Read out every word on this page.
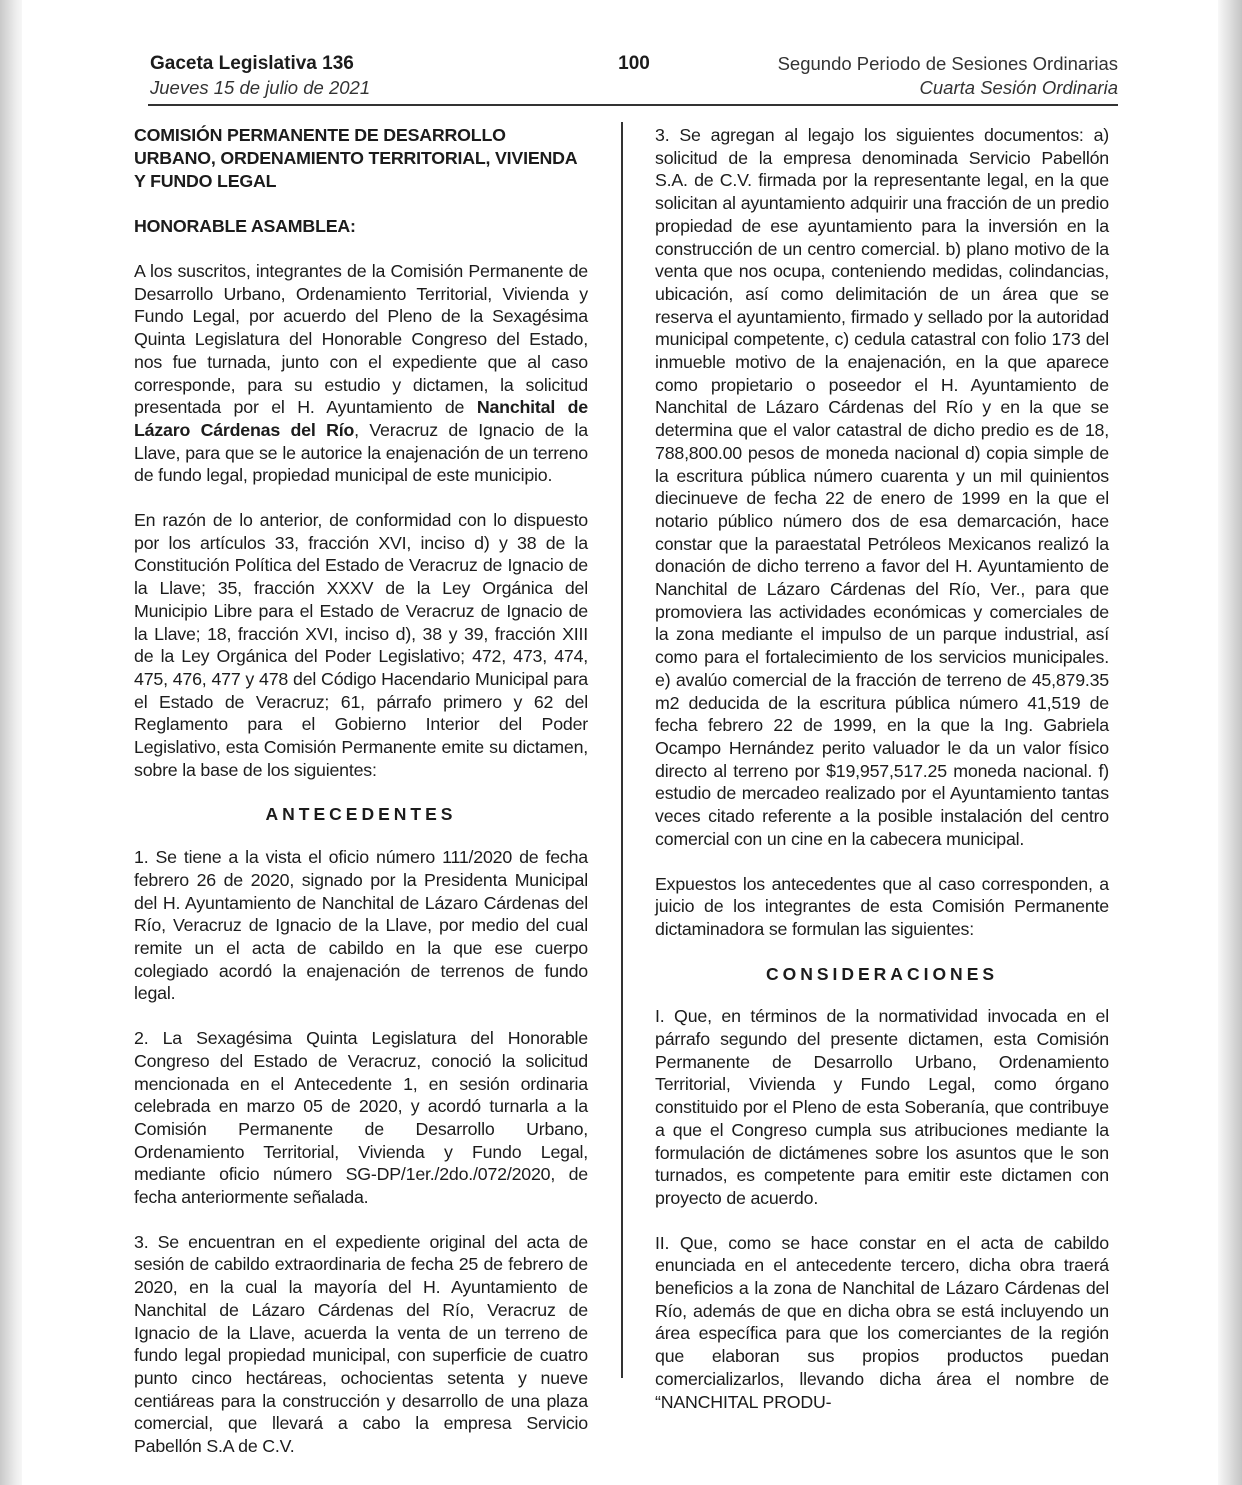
Gaceta Legislativa 136
Jueves 15 de julio de 2021
100	Segundo Periodo de Sesiones Ordinarias
Cuarta Sesión Ordinaria
COMISIÓN PERMANENTE DE DESARROLLO URBANO, ORDENAMIENTO TERRITORIAL, VIVIENDA Y FUNDO LEGAL
HONORABLE ASAMBLEA:

A los suscritos, integrantes de la Comisión Permanente de Desarrollo Urbano, Ordenamiento Territorial, Vivienda y Fundo Legal, por acuerdo del Pleno de la Sexagésima Quinta Legislatura del Honorable Congreso del Estado, nos fue turnada, junto con el expediente que al caso corresponde, para su estudio y dictamen, la solicitud presentada por el H. Ayuntamiento de Nanchital de Lázaro Cárdenas del Río, Veracruz de Ignacio de la Llave, para que se le autorice la enajenación de un terreno de fundo legal, propiedad municipal de este municipio.

En razón de lo anterior, de conformidad con lo dispuesto por los artículos 33, fracción XVI, inciso d) y 38 de la Constitución Política del Estado de Veracruz de Ignacio de la Llave; 35, fracción XXXV de la Ley Orgánica del Municipio Libre para el Estado de Veracruz de Ignacio de la Llave; 18, fracción XVI, inciso d), 38 y 39, fracción XIII de la Ley Orgánica del Poder Legislativo; 472, 473, 474, 475, 476, 477 y 478 del Código Hacendario Municipal para el Estado de Veracruz; 61, párrafo primero y 62 del Reglamento para el Gobierno Interior del Poder Legislativo, esta Comisión Permanente emite su dictamen, sobre la base de los siguientes:

ANTECEDENTES

1. Se tiene a la vista el oficio número 111/2020 de fecha febrero 26 de 2020, signado por la Presidenta Municipal del H. Ayuntamiento de Nanchital de Lázaro Cárdenas del Río, Veracruz de Ignacio de la Llave, por medio del cual remite un el acta de cabildo en la que ese cuerpo colegiado acordó la enajenación de terrenos de fundo legal.

2. La Sexagésima Quinta Legislatura del Honorable Congreso del Estado de Veracruz, conoció la solicitud mencionada en el Antecedente 1, en sesión ordinaria celebrada en marzo 05 de 2020, y acordó turnarla a la Comisión Permanente de Desarrollo Urbano, Ordenamiento Territorial, Vivienda y Fundo Legal, mediante oficio número SG-DP/1er./2do./072/2020, de fecha anteriormente señalada.

3. Se encuentran en el expediente original del acta de sesión de cabildo extraordinaria de fecha 25 de febrero de 2020, en la cual la mayoría del H. Ayuntamiento de Nanchital de Lázaro Cárdenas del Río, Veracruz de Ignacio de la Llave, acuerda la venta de un terreno de fundo legal propiedad municipal, con superficie de cuatro punto cinco hectáreas, ochocientas setenta y nueve centiáreas para la construcción y desarrollo de una plaza comercial, que llevará a cabo la empresa Servicio Pabellón S.A de C.V.

3. Se agregan al legajo los siguientes documentos: a) solicitud de la empresa denominada Servicio Pabellón S.A. de C.V. firmada por la representante legal, en la que solicitan al ayuntamiento adquirir una fracción de un predio propiedad de ese ayuntamiento para la inversión en la construcción de un centro comercial. b) plano motivo de la venta que nos ocupa, conteniendo medidas, colindancias, ubicación, así como delimitación de un área que se reserva el ayuntamiento, firmado y sellado por la autoridad municipal competente, c) cedula catastral con folio 173 del inmueble motivo de la enajenación, en la que aparece como propietario o poseedor el H. Ayuntamiento de Nanchital de Lázaro Cárdenas del Río y en la que se determina que el valor catastral de dicho predio es de 18, 788,800.00 pesos de moneda nacional d) copia simple de la escritura pública número cuarenta y un mil quinientos diecinueve de fecha 22 de enero de 1999 en la que el notario público número dos de esa demarcación, hace constar que la paraestatal Petróleos Mexicanos realizó la donación de dicho terreno a favor del H. Ayuntamiento de Nanchital de Lázaro Cárdenas del Río, Ver., para que promoviera las actividades económicas y comerciales de la zona mediante el impulso de un parque industrial, así como para el fortalecimiento de los servicios municipales. e) avalúo comercial de la fracción de terreno de 45,879.35 m2 deducida de la escritura pública número 41,519 de fecha febrero 22 de 1999, en la que la Ing. Gabriela Ocampo Hernández perito valuador le da un valor físico directo al terreno por $19,957,517.25 moneda nacional. f) estudio de mercadeo realizado por el Ayuntamiento tantas veces citado referente a la posible instalación del centro comercial con un cine en la cabecera municipal.

Expuestos los antecedentes que al caso corresponden, a juicio de los integrantes de esta Comisión Permanente dictaminadora se formulan las siguientes:

CONSIDERACIONES

I. Que, en términos de la normatividad invocada en el párrafo segundo del presente dictamen, esta Comisión Permanente de Desarrollo Urbano, Ordenamiento Territorial, Vivienda y Fundo Legal, como órgano constituido por el Pleno de esta Soberanía, que contribuye a que el Congreso cumpla sus atribuciones mediante la formulación de dictámenes sobre los asuntos que le son turnados, es competente para emitir este dictamen con proyecto de acuerdo.

II. Que, como se hace constar en el acta de cabildo enunciada en el antecedente tercero, dicha obra traerá beneficios a la zona de Nanchital de Lázaro Cárdenas del Río, además de que en dicha obra se está incluyendo un área específica para que los comerciantes de la región que elaboran sus propios productos puedan comercializarlos, llevando dicha área el nombre de “NANCHITAL PRODU-
